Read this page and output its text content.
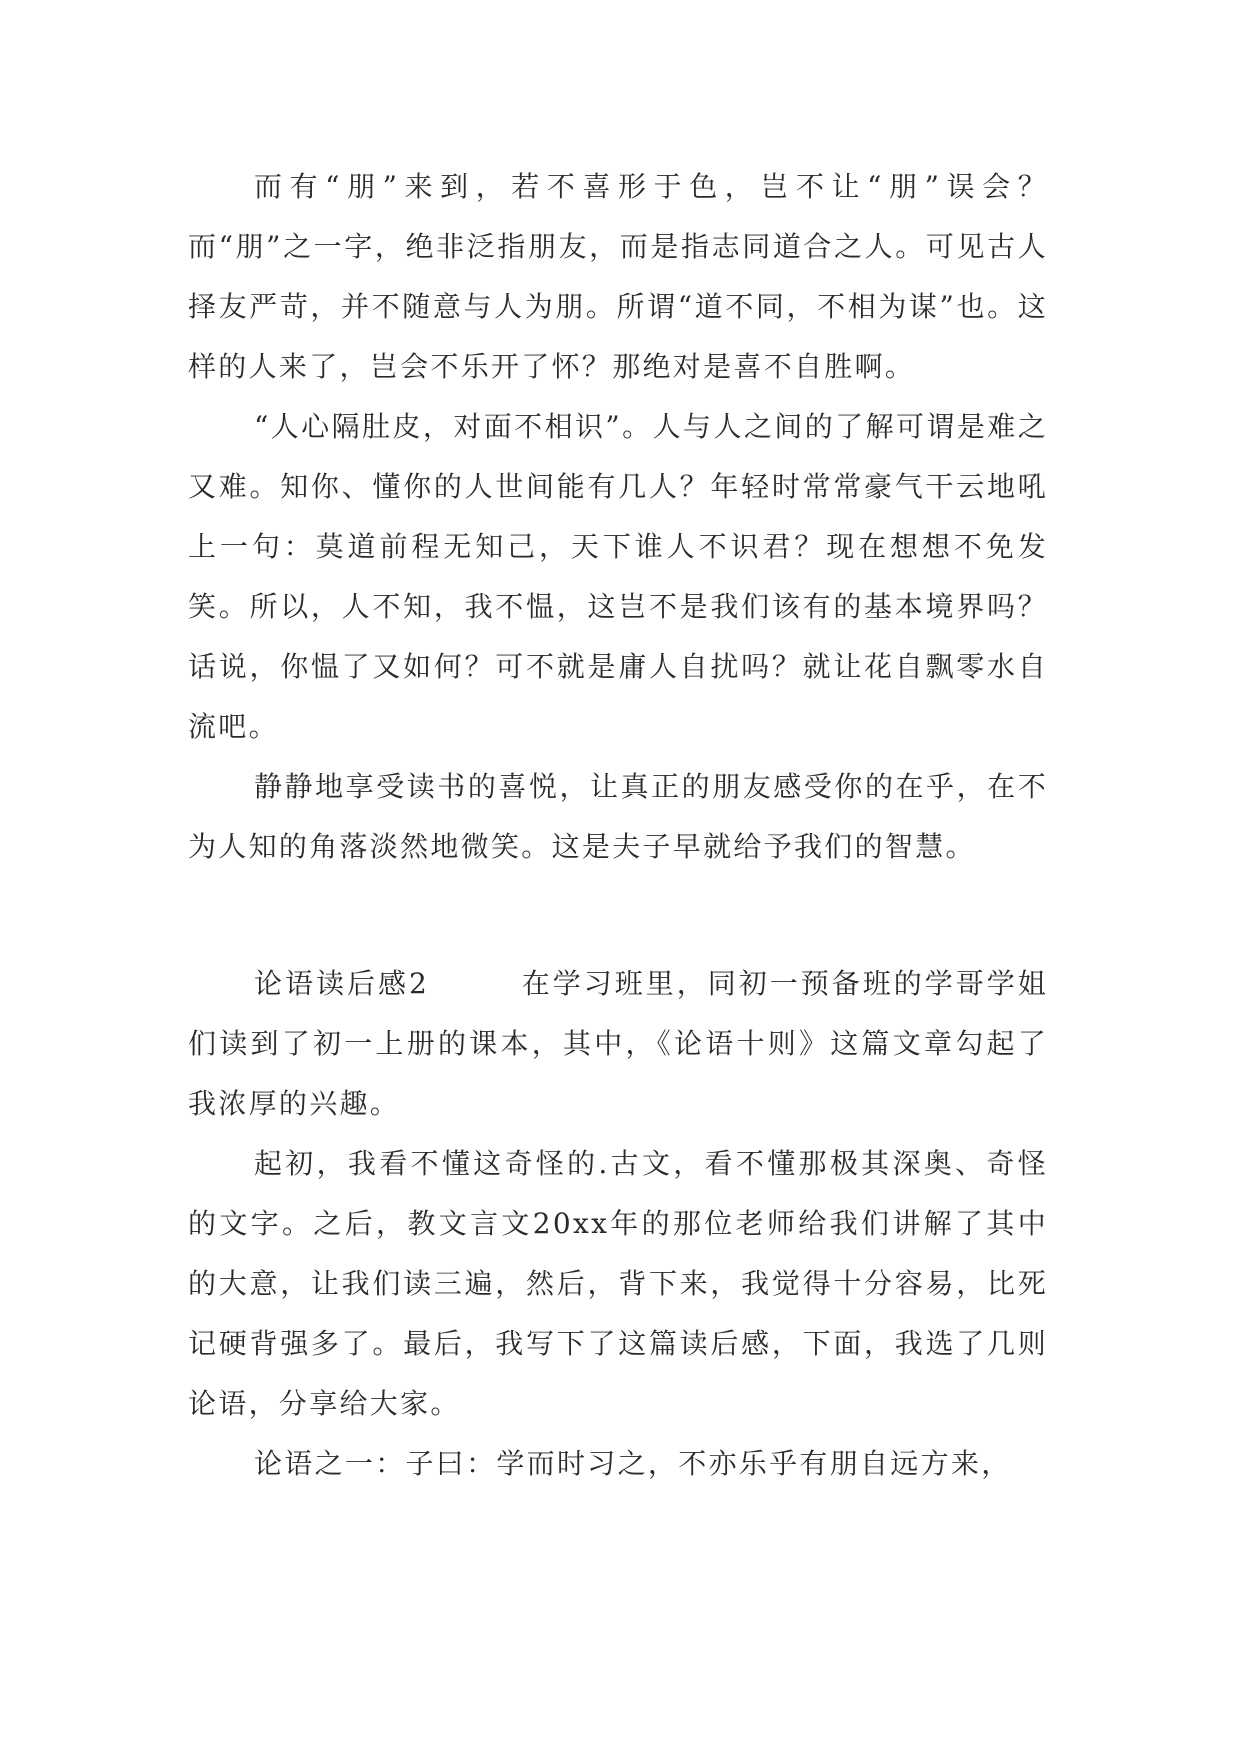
而有“朋”来到，若不喜形于色，岂不让“朋”误会？而“朋”之一字，绝非泛指朋友，而是指志同道合之人。可见古人择友严苛，并不随意与人为朋。所谓“道不同，不相为谋”也。这样的人来了，岂会不乐开了怀？那绝对是喜不自胜啊。

“人心隔肚皮，对面不相识”。人与人之间的了解可谓是难之又难。知你、懂你的人世间能有几人？年轻时常常豪气干云地吼上一句：莫道前程无知己，天下谁人不识君？现在想想不免发笑。所以，人不知，我不愠，这岂不是我们该有的基本境界吗？话说，你愠了又如何？可不就是庸人自扰吗？就让花自飘零水自流吧。

静静地享受读书的喜悦，让真正的朋友感受你的在乎，在不为人知的角落淡然地微笑。这是夫子早就给予我们的智慧。

论语读后感2	在学习班里，同初一预备班的学哥学姐们读到了初一上册的课本，其中，《论语十则》这篇文章勾起了我浓厚的兴趣。

起初，我看不懂这奇怪的.古文，看不懂那极其深奥、奇怪的文字。之后，教文言文20xx年的那位老师给我们讲解了其中的大意，让我们读三遍，然后，背下来，我觉得十分容易，比死记硬背强多了。最后，我写下了这篇读后感，下面，我选了几则论语，分享给大家。

论语之一：子曰：学而时习之，不亦乐乎有朋自远方来，
